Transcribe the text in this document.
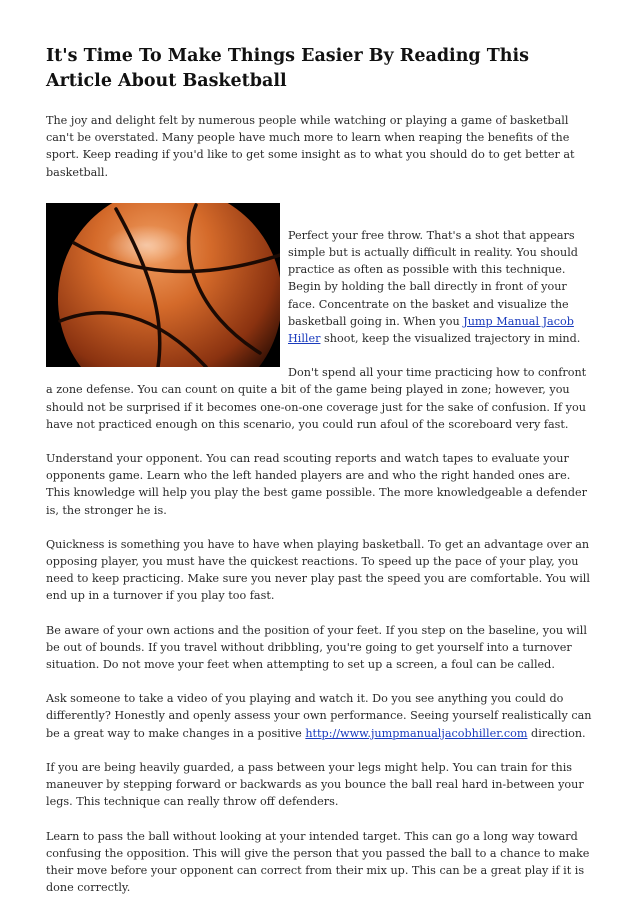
It's Time To Make Things Easier By Reading This Article About Basketball

The joy and delight felt by numerous people while watching or playing a game of basketball can't be overstated. Many people have much more to learn when reaping the benefits of the sport. Keep reading if you'd like to get some insight as to what you should do to get better at basketball.

Perfect your free throw. That's a shot that appears simple but is actually difficult in reality. You should practice as often as possible with this technique. Begin by holding the ball directly in front of your face. Concentrate on the basket and visualize the basketball going in. When you Jump Manual Jacob Hiller shoot, keep the visualized trajectory in mind.

Don't spend all your time practicing how to confront a zone defense. You can count on quite a bit of the game being played in zone; however, you should not be surprised if it becomes one-on-one coverage just for the sake of confusion. If you have not practiced enough on this scenario, you could run afoul of the scoreboard very fast.

Understand your opponent. You can read scouting reports and watch tapes to evaluate your opponents game. Learn who the left handed players are and who the right handed ones are. This knowledge will help you play the best game possible. The more knowledgeable a defender is, the stronger he is.

Quickness is something you have to have when playing basketball. To get an advantage over an opposing player, you must have the quickest reactions. To speed up the pace of your play, you need to keep practicing. Make sure you never play past the speed you are comfortable. You will end up in a turnover if you play too fast.

Be aware of your own actions and the position of your feet. If you step on the baseline, you will be out of bounds. If you travel without dribbling, you're going to get yourself into a turnover situation. Do not move your feet when attempting to set up a screen, a foul can be called.

Ask someone to take a video of you playing and watch it. Do you see anything you could do differently? Honestly and openly assess your own performance. Seeing yourself realistically can be a great way to make changes in a positive http://www.jumpmanualjacobhiller.com direction.

If you are being heavily guarded, a pass between your legs might help. You can train for this maneuver by stepping forward or backwards as you bounce the ball real hard in-between your legs. This technique can really throw off defenders.

Learn to pass the ball without looking at your intended target. This can go a long way toward confusing the opposition. This will give the person that you passed the ball to a chance to make their move before your opponent can correct from their mix up. This can be a great play if it is done correctly.
